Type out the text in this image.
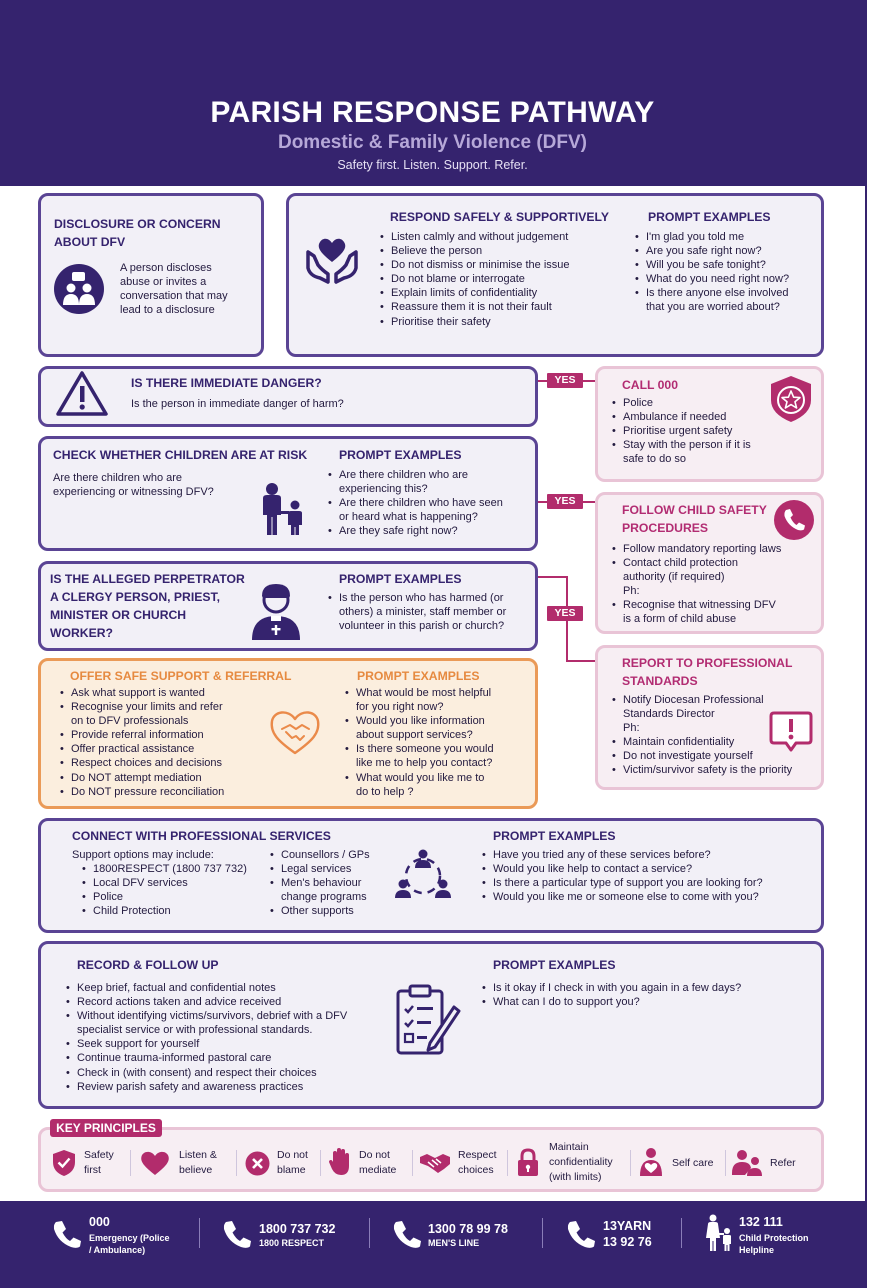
PARISH RESPONSE PATHWAY
Domestic & Family Violence (DFV)
Safety first. Listen. Support. Refer.
DISCLOSURE OR CONCERN
ABOUT DFV
A person discloses
abuse or invites a
conversation that may
lead to a disclosure
RESPOND SAFELY & SUPPORTIVELY
• Listen calmly and without judgement
• Believe the person
• Do not dismiss or minimise the issue
• Do not blame or interrogate
• Explain limits of confidentiality
• Reassure them it is not their fault
• Prioritise their safety
PROMPT EXAMPLES
• I'm glad you told me
• Are you safe right now?
• Will you be safe tonight?
• What do you need right now?
• Is there anyone else involved
that you are worried about?
IS THERE IMMEDIATE DANGER?
Is the person in immediate danger of harm?
CALL 000
• Police
• Ambulance if needed
• Prioritise urgent safety
• Stay with the person if it is
safe to do so
YES
CHECK WHETHER CHILDREN ARE AT RISK
Are there children who are
experiencing or witnessing DFV?
PROMPT EXAMPLES
• Are there children who are
experiencing this?
• Are there children who have seen
or heard what is happening?
• Are they safe right now?
FOLLOW CHILD SAFETY
PROCEDURES
• Follow mandatory reporting laws
• Contact child protection
authority (if required)
Ph:
• Recognise that witnessing DFV
is a form of child abuse
YES
IS THE ALLEGED PERPETRATOR
A CLERGY PERSON, PRIEST,
MINISTER OR CHURCH
WORKER?
PROMPT EXAMPLES
• Is the person who has harmed (or
others) a minister, staff member or
volunteer in this parish or church?
YES
REPORT TO PROFESSIONAL
STANDARDS
• Notify Diocesan Professional
Standards Director
Ph:
• Maintain confidentiality
• Do not investigate yourself
• Victim/survivor safety is the priority
OFFER SAFE SUPPORT & REFERRAL
• Ask what support is wanted
• Recognise your limits and refer
on to DFV professionals
• Provide referral information
• Offer practical assistance
• Respect choices and decisions
• Do NOT attempt mediation
• Do NOT pressure reconciliation
PROMPT EXAMPLES
• What would be most helpful
for you right now?
• Would you like information
about support services?
• Is there someone you would
like me to help you contact?
• What would you like me to
do to help ?
CONNECT WITH PROFESSIONAL SERVICES
Support options may include:
• 1800RESPECT (1800 737 732)
• Local DFV services
• Police
• Child Protection
• Counsellors / GPs
• Legal services
• Men's behaviour
change programs
• Other supports
PROMPT EXAMPLES
• Have you tried any of these services before?
• Would you like help to contact a service?
• Is there a particular type of support you are looking for?
• Would you like me or someone else to come with you?
RECORD & FOLLOW UP
• Keep brief, factual and confidential notes
• Record actions taken and advice received
• Without identifying victims/survivors, debrief with a DFV
specialist service or with professional standards.
• Seek support for yourself
• Continue trauma-informed pastoral care
• Check in (with consent) and respect their choices
• Review parish safety and awareness practices
PROMPT EXAMPLES
• Is it okay if I check in with you again in a few days?
• What can I do to support you?
KEY PRINCIPLES
Safety
first
Listen &
believe
Do not
blame
Do not
mediate
Respect
choices
Maintain
confidentiality
(with limits)
Self care	Refer
000
Emergency (Police
/ Ambulance)
1800 737 732
1800 RESPECT
1300 78 99 78
MEN'S LINE
13YARN
13 92 76
132 111
Child Protection
Helpline
